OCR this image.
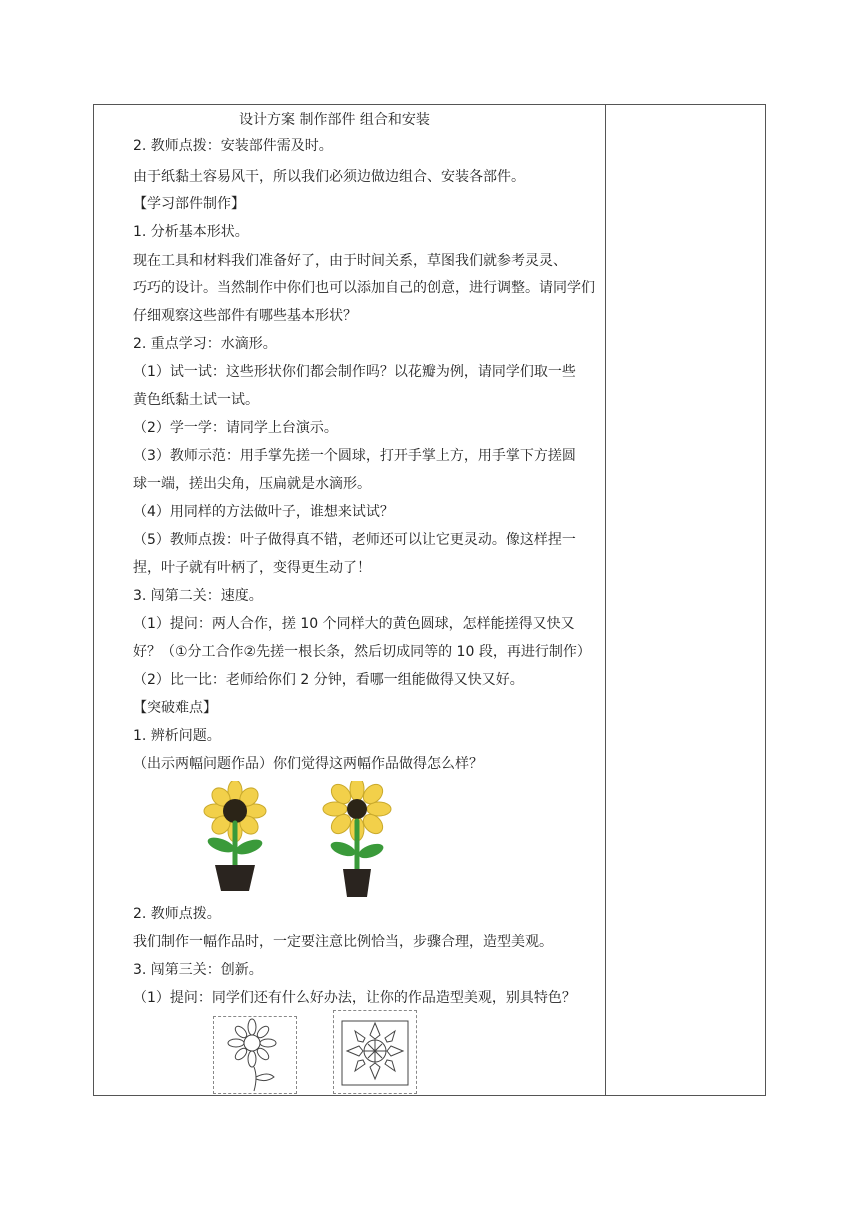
设计方案 制作部件 组合和安装
2. 教师点拨：安装部件需及时。
由于纸黏土容易风干，所以我们必须边做边组合、安装各部件。
【学习部件制作】
1. 分析基本形状。
现在工具和材料我们准备好了，由于时间关系，草图我们就参考灵灵、
巧巧的设计。当然制作中你们也可以添加自己的创意，进行调整。请同学们
仔细观察这些部件有哪些基本形状？
2. 重点学习：水滴形。
（1）试一试：这些形状你们都会制作吗？以花瓣为例，请同学们取一些
黄色纸黏土试一试。
（2）学一学：请同学上台演示。
（3）教师示范：用手掌先搓一个圆球，打开手掌上方，用手掌下方搓圆
球一端，搓出尖角，压扁就是水滴形。
（4）用同样的方法做叶子，谁想来试试？
（5）教师点拨：叶子做得真不错，老师还可以让它更灵动。像这样捏一
捏，叶子就有叶柄了，变得更生动了！
3. 闯第二关：速度。
（1）提问：两人合作，搓 10 个同样大的黄色圆球，怎样能搓得又快又
好？（①分工合作②先搓一根长条，然后切成同等的 10 段，再进行制作）
（2）比一比：老师给你们 2 分钟，看哪一组能做得又快又好。
【突破难点】
1. 辨析问题。
（出示两幅问题作品）你们觉得这两幅作品做得怎么样？
2. 教师点拨。
我们制作一幅作品时，一定要注意比例恰当，步骤合理，造型美观。
3. 闯第三关：创新。
（1）提问：同学们还有什么好办法，让你的作品造型美观，别具特色？
